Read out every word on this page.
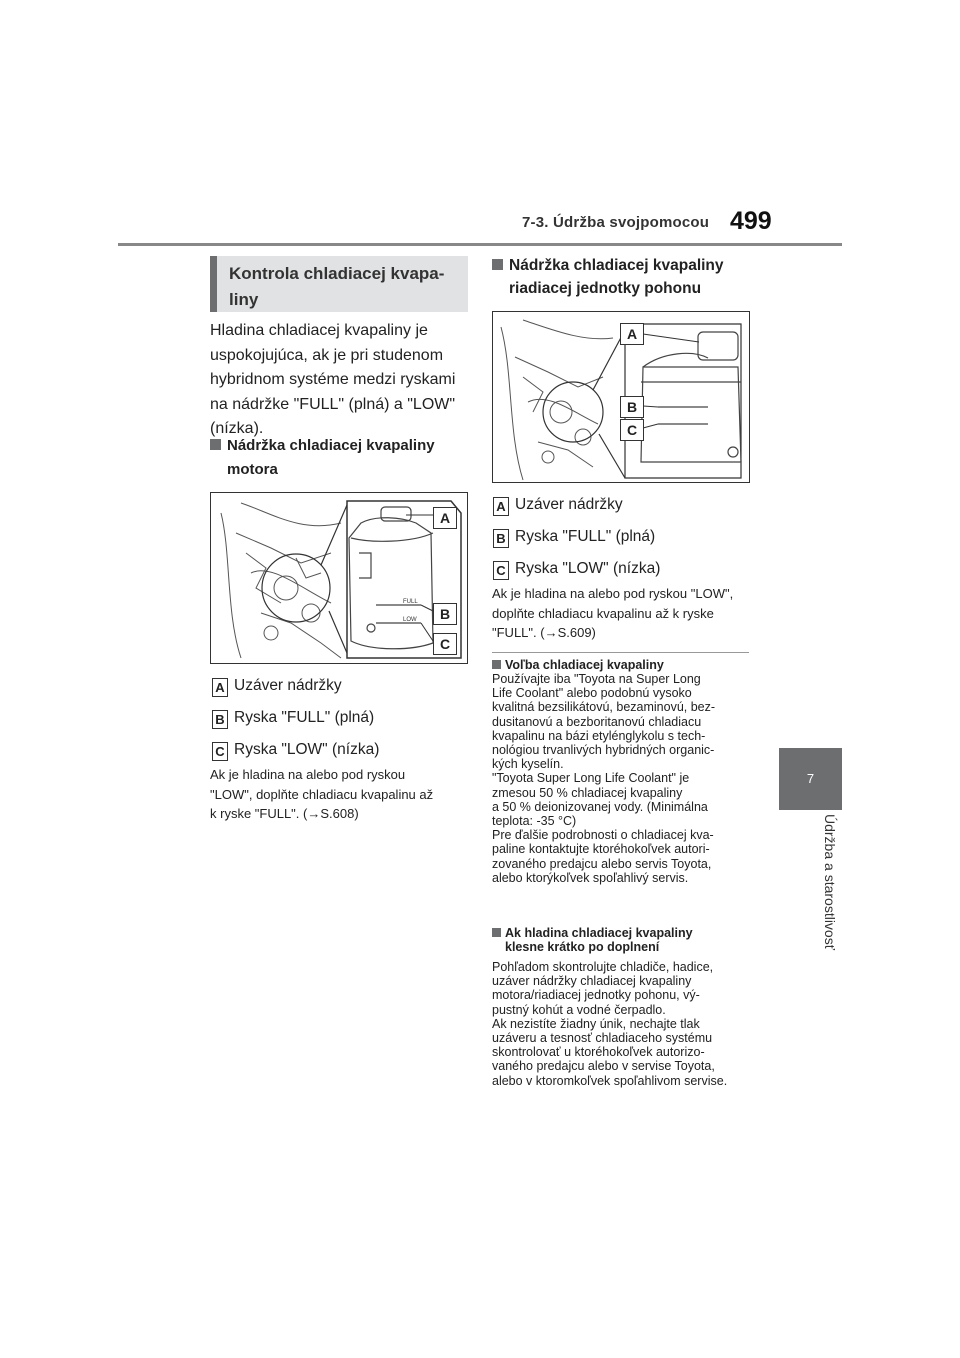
7-3. Údržba svojpomocou 499
7
Údržba a starostlivosť
Kontrola chladiacej kvapa-
liny
Hladina chladiacej kvapaliny je
uspokojujúca, ak je pri studenom
hybridnom systéme medzi ryskami
na nádržke "FULL" (plná) a "LOW"
(nízka).
Nádržka chladiacej kvapaliny
motora
FULL
LOW
A
B
C
A Uzáver nádržky
B Ryska "FULL" (plná)
C Ryska "LOW" (nízka)
Ak je hladina na alebo pod ryskou
"LOW", doplňte chladiacu kvapalinu až
k ryske "FULL". (→S.608)
Nádržka chladiacej kvapaliny
riadiacej jednotky pohonu
A
B
C
A Uzáver nádržky
B Ryska "FULL" (plná)
C Ryska "LOW" (nízka)
Ak je hladina na alebo pod ryskou "LOW",
doplňte chladiacu kvapalinu až k ryske
"FULL". (→S.609)
Voľba chladiacej kvapaliny
Používajte iba "Toyota na Super Long
Life Coolant" alebo podobnú vysoko
kvalitná bezsilikátovú, bezaminovú, bez-
dusitanovú a bezboritanovú chladiacu
kvapalinu na bázi etylénglykolu s tech-
nológiou trvanlivých hybridných organic-
kých kyselín.
"Toyota Super Long Life Coolant" je
zmesou 50 % chladiacej kvapaliny
a 50 % deionizovanej vody. (Minimálna
teplota: -35 °C)
Pre ďalšie podrobnosti o chladiacej kva-
paline kontaktujte ktoréhokoľvek autori-
zovaného predajcu alebo servis Toyota,
alebo ktorýkoľvek spoľahlivý servis.
Ak hladina chladiacej kvapaliny
klesne krátko po doplnení
Pohľadom skontrolujte chladiče, hadice,
uzáver nádržky chladiacej kvapaliny
motora/riadiacej jednotky pohonu, vý-
pustný kohút a vodné čerpadlo.
Ak nezistíte žiadny únik, nechajte tlak
uzáveru a tesnosť chladiaceho systému
skontrolovať u ktoréhokoľvek autorizo-
vaného predajcu alebo v servise Toyota,
alebo v ktoromkoľvek spoľahlivom servise.
